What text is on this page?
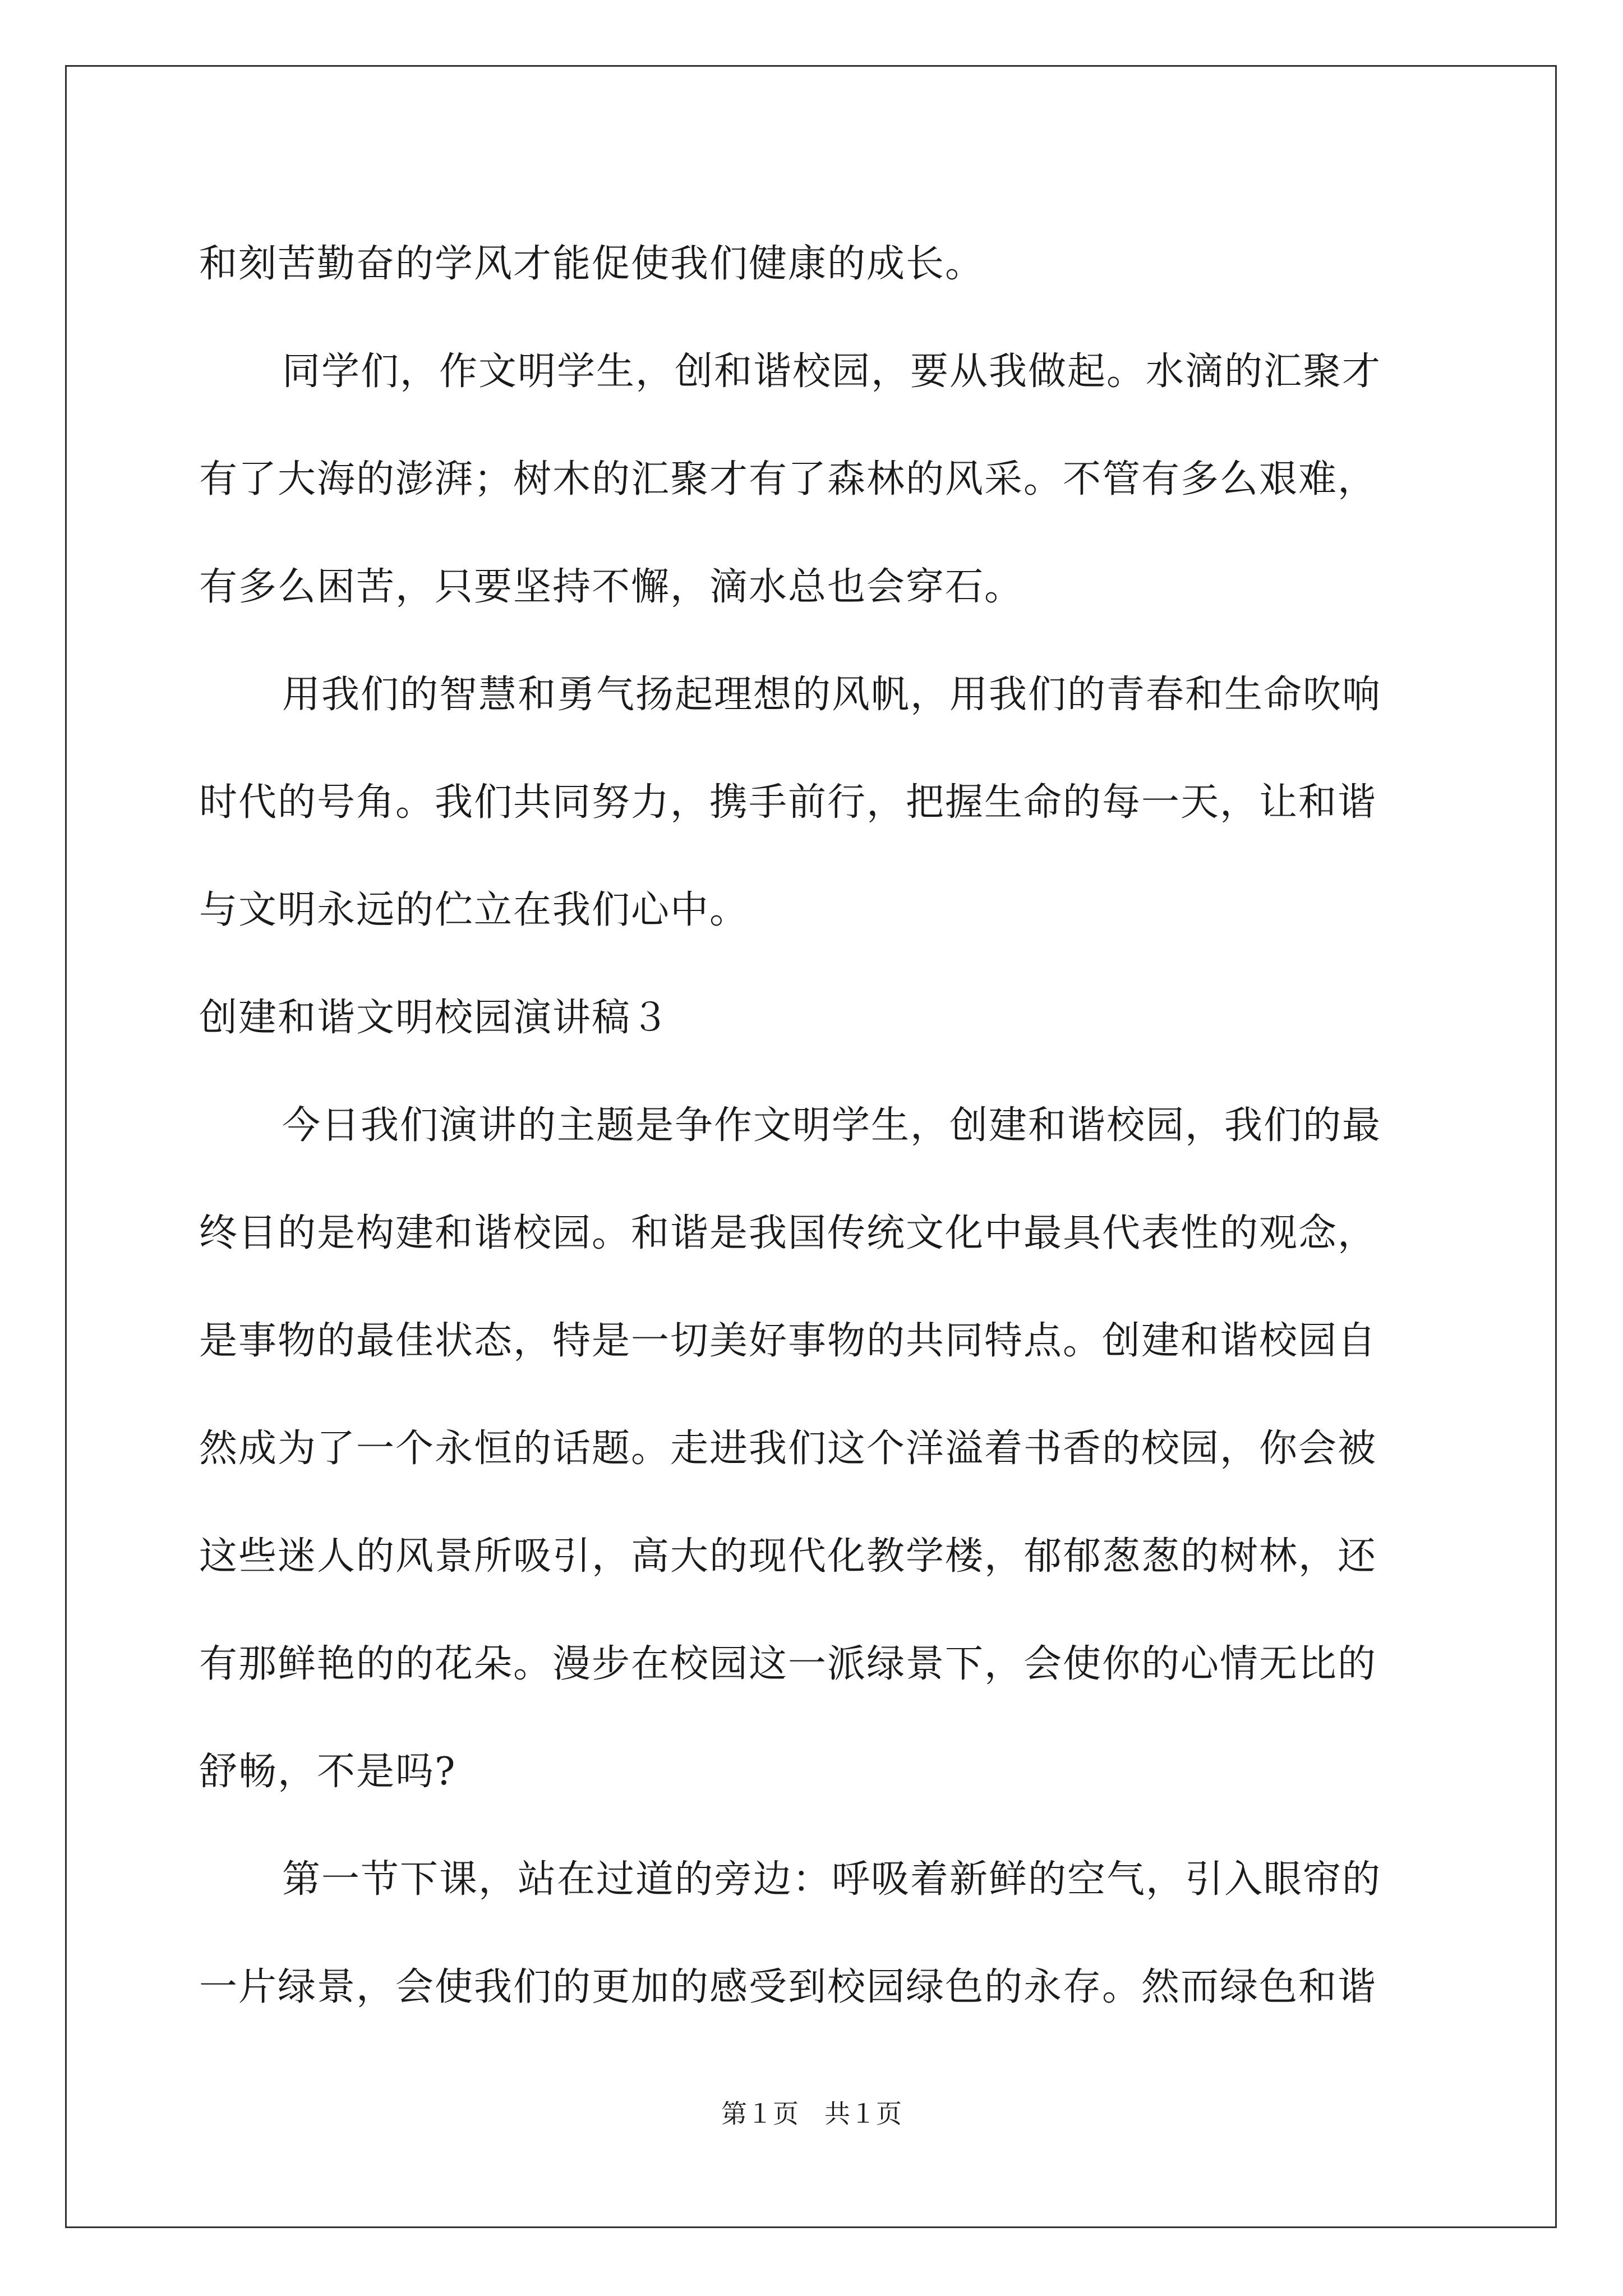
和刻苦勤奋的学风才能促使我们健康的成长。

同学们，作文明学生，创和谐校园，要从我做起。水滴的汇聚才
有了大海的澎湃；树木的汇聚才有了森林的风采。不管有多么艰难，
有多么困苦，只要坚持不懈，滴水总也会穿石。

用我们的智慧和勇气扬起理想的风帆，用我们的青春和生命吹响
时代的号角。我们共同努力，携手前行，把握生命的每一天，让和谐
与文明永远的伫立在我们心中。

创建和谐文明校园演讲稿３

今日我们演讲的主题是争作文明学生，创建和谐校园，我们的最
终目的是构建和谐校园。和谐是我国传统文化中最具代表性的观念，
是事物的最佳状态，特是一切美好事物的共同特点。创建和谐校园自
然成为了一个永恒的话题。走进我们这个洋溢着书香的校园，你会被
这些迷人的风景所吸引，高大的现代化教学楼，郁郁葱葱的树林，还
有那鲜艳的的花朵。漫步在校园这一派绿景下，会使你的心情无比的
舒畅，不是吗?

第一节下课，站在过道的旁边：呼吸着新鲜的空气，引入眼帘的
一片绿景，会使我们的更加的感受到校园绿色的永存。然而绿色和谐

第１页　共１页
